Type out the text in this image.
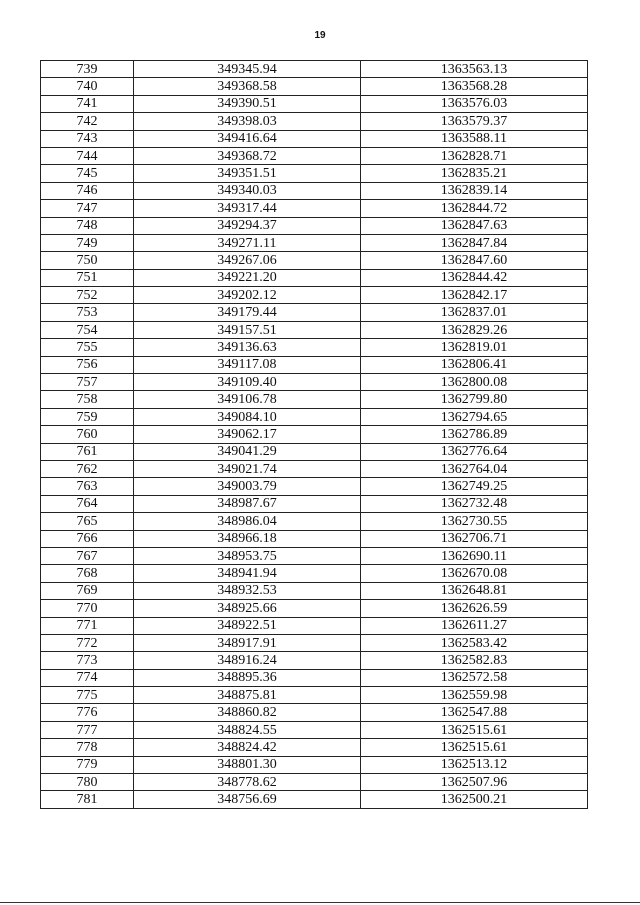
19
739	349345.94	1363563.13
740	349368.58	1363568.28
741	349390.51	1363576.03
742	349398.03	1363579.37
743	349416.64	1363588.11
744	349368.72	1362828.71
745	349351.51	1362835.21
746	349340.03	1362839.14
747	349317.44	1362844.72
748	349294.37	1362847.63
749	349271.11	1362847.84
750	349267.06	1362847.60
751	349221.20	1362844.42
752	349202.12	1362842.17
753	349179.44	1362837.01
754	349157.51	1362829.26
755	349136.63	1362819.01
756	349117.08	1362806.41
757	349109.40	1362800.08
758	349106.78	1362799.80
759	349084.10	1362794.65
760	349062.17	1362786.89
761	349041.29	1362776.64
762	349021.74	1362764.04
763	349003.79	1362749.25
764	348987.67	1362732.48
765	348986.04	1362730.55
766	348966.18	1362706.71
767	348953.75	1362690.11
768	348941.94	1362670.08
769	348932.53	1362648.81
770	348925.66	1362626.59
771	348922.51	1362611.27
772	348917.91	1362583.42
773	348916.24	1362582.83
774	348895.36	1362572.58
775	348875.81	1362559.98
776	348860.82	1362547.88
777	348824.55	1362515.61
778	348824.42	1362515.61
779	348801.30	1362513.12
780	348778.62	1362507.96
781	348756.69	1362500.21
